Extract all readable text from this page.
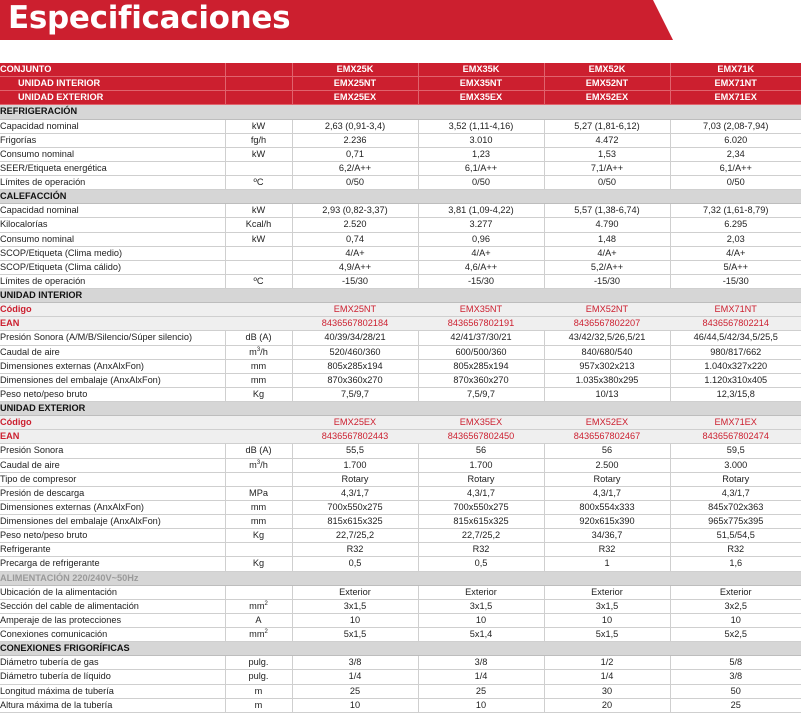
Especificaciones
CONJUNTO		EMX25K	EMX35K	EMX52K	EMX71K
UNIDAD INTERIOR		EMX25NT	EMX35NT	EMX52NT	EMX71NT
UNIDAD EXTERIOR		EMX25EX	EMX35EX	EMX52EX	EMX71EX
REFRIGERACIÓN					
Capacidad nominal	kW	2,63 (0,91-3,4)	3,52 (1,11-4,16)	5,27 (1,81-6,12)	7,03 (2,08-7,94)
Frigorías	fg/h	2.236	3.010	4.472	6.020
Consumo nominal	kW	0,71	1,23	1,53	2,34
SEER/Etiqueta energética		6,2/A++	6,1/A++	7,1/A++	6,1/A++
Límites de operación	ºC	0/50	0/50	0/50	0/50
CALEFACCIÓN					
Capacidad nominal	kW	2,93 (0,82-3,37)	3,81 (1,09-4,22)	5,57 (1,38-6,74)	7,32 (1,61-8,79)
Kilocalorías	Kcal/h	2.520	3.277	4.790	6.295
Consumo nominal	kW	0,74	0,96	1,48	2,03
SCOP/Etiqueta (Clima medio)		4/A+	4/A+	4/A+	4/A+
SCOP/Etiqueta (Clima cálido)		4,9/A++	4,6/A++	5,2/A++	5/A++
Límites de operación	ºC	-15/30	-15/30	-15/30	-15/30
UNIDAD INTERIOR					
Código		EMX25NT	EMX35NT	EMX52NT	EMX71NT
EAN		8436567802184	8436567802191	8436567802207	8436567802214
Presión Sonora (A/M/B/Silencio/Súper silencio)	dB (A)	40/39/34/28/21	42/41/37/30/21	43/42/32,5/26,5/21	46/44,5/42/34,5/25,5
Caudal de aire	$m^3/h$	520/460/360	600/500/360	840/680/540	980/817/662
Dimensiones externas (AnxAlxFon)	mm	805x285x194	805x285x194	957x302x213	1.040x327x220
Dimensiones del embalaje (AnxAlxFon)	mm	870x360x270	870x360x270	1.035x380x295	1.120x310x405
Peso neto/peso bruto	Kg	7,5/9,7	7,5/9,7	10/13	12,3/15,8
UNIDAD EXTERIOR					
Código		EMX25EX	EMX35EX	EMX52EX	EMX71EX
EAN		8436567802443	8436567802450	8436567802467	8436567802474
Presión Sonora	dB (A)	55,5	56	56	59,5
Caudal de aire	$m^3/h$	1.700	1.700	2.500	3.000
Tipo de compresor		Rotary	Rotary	Rotary	Rotary
Presión de descarga	MPa	4,3/1,7	4,3/1,7	4,3/1,7	4,3/1,7
Dimensiones externas (AnxAlxFon)	mm	700x550x275	700x550x275	800x554x333	845x702x363
Dimensiones del embalaje (AnxAlxFon)	mm	815x615x325	815x615x325	920x615x390	965x775x395
Peso neto/peso bruto	Kg	22,7/25,2	22,7/25,2	34/36,7	51,5/54,5
Refrigerante		R32	R32	R32	R32
Precarga de refrigerante	Kg	0,5	0,5	1	1,6
ALIMENTACIÓN 220/240V~50Hz					
Ubicación de la alimentación		Exterior	Exterior	Exterior	Exterior
Sección del cable de alimentación	$mm^2$	3x1,5	3x1,5	3x1,5	3x2,5
Amperaje de las protecciones	A	10	10	10	10
Conexiones comunicación	$mm^2$	5x1,5	5x1,4	5x1,5	5x2,5
CONEXIONES FRIGORÍFICAS					
Diámetro tubería de gas	pulg.	3/8	3/8	1/2	5/8
Diámetro tubería de líquido	pulg.	1/4	1/4	1/4	3/8
Longitud máxima de tubería	m	25	25	30	50
Altura máxima de la tubería	m	10	10	20	25
